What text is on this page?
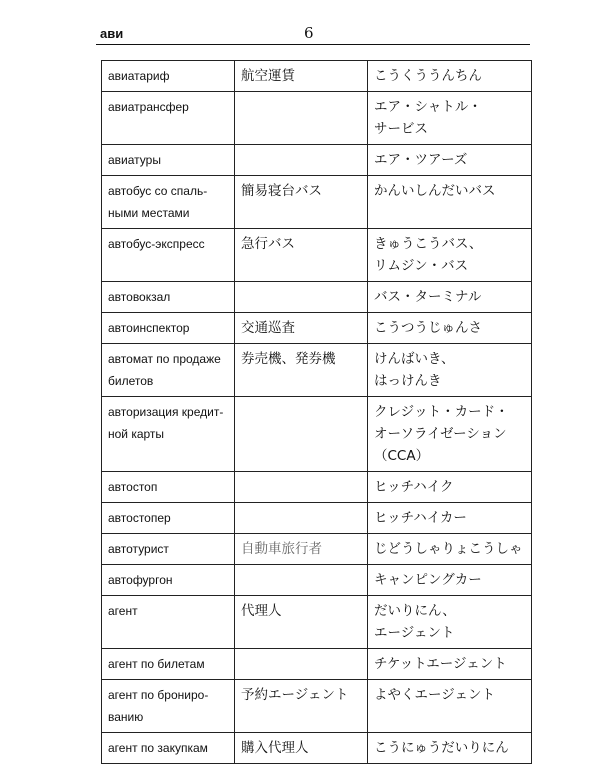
ави	6
авиатариф	航空運賃	こうくううんちん

авиатрансфер		エア・シャトル・
サービス

авиатуры		エア・ツアーズ

автобус со спаль-
ными местами	簡易寝台バス	かんいしんだいバス

автобус-экспресс	急行バス	きゅうこうバス、
リムジン・バス

автовокзал		バス・ターミナル

автоинспектор	交通巡査	こうつうじゅんさ

автомат по продаже
билетов	券売機、発券機	けんばいき、
はっけんき

авторизация кредит-
ной карты		クレジット・カード・
オーソライゼーション
（CCA）

автостоп		ヒッチハイク

автостопер		ヒッチハイカー

автотурист	自動車旅行者	じどうしゃりょこうしゃ

автофургон		キャンピングカー

агент	代理人	だいりにん、
エージェント

агент по билетам		チケットエージェント

агент по брониро-
ванию	予約エージェント	よやくエージェント

агент по закупкам	購入代理人	こうにゅうだいりにん
